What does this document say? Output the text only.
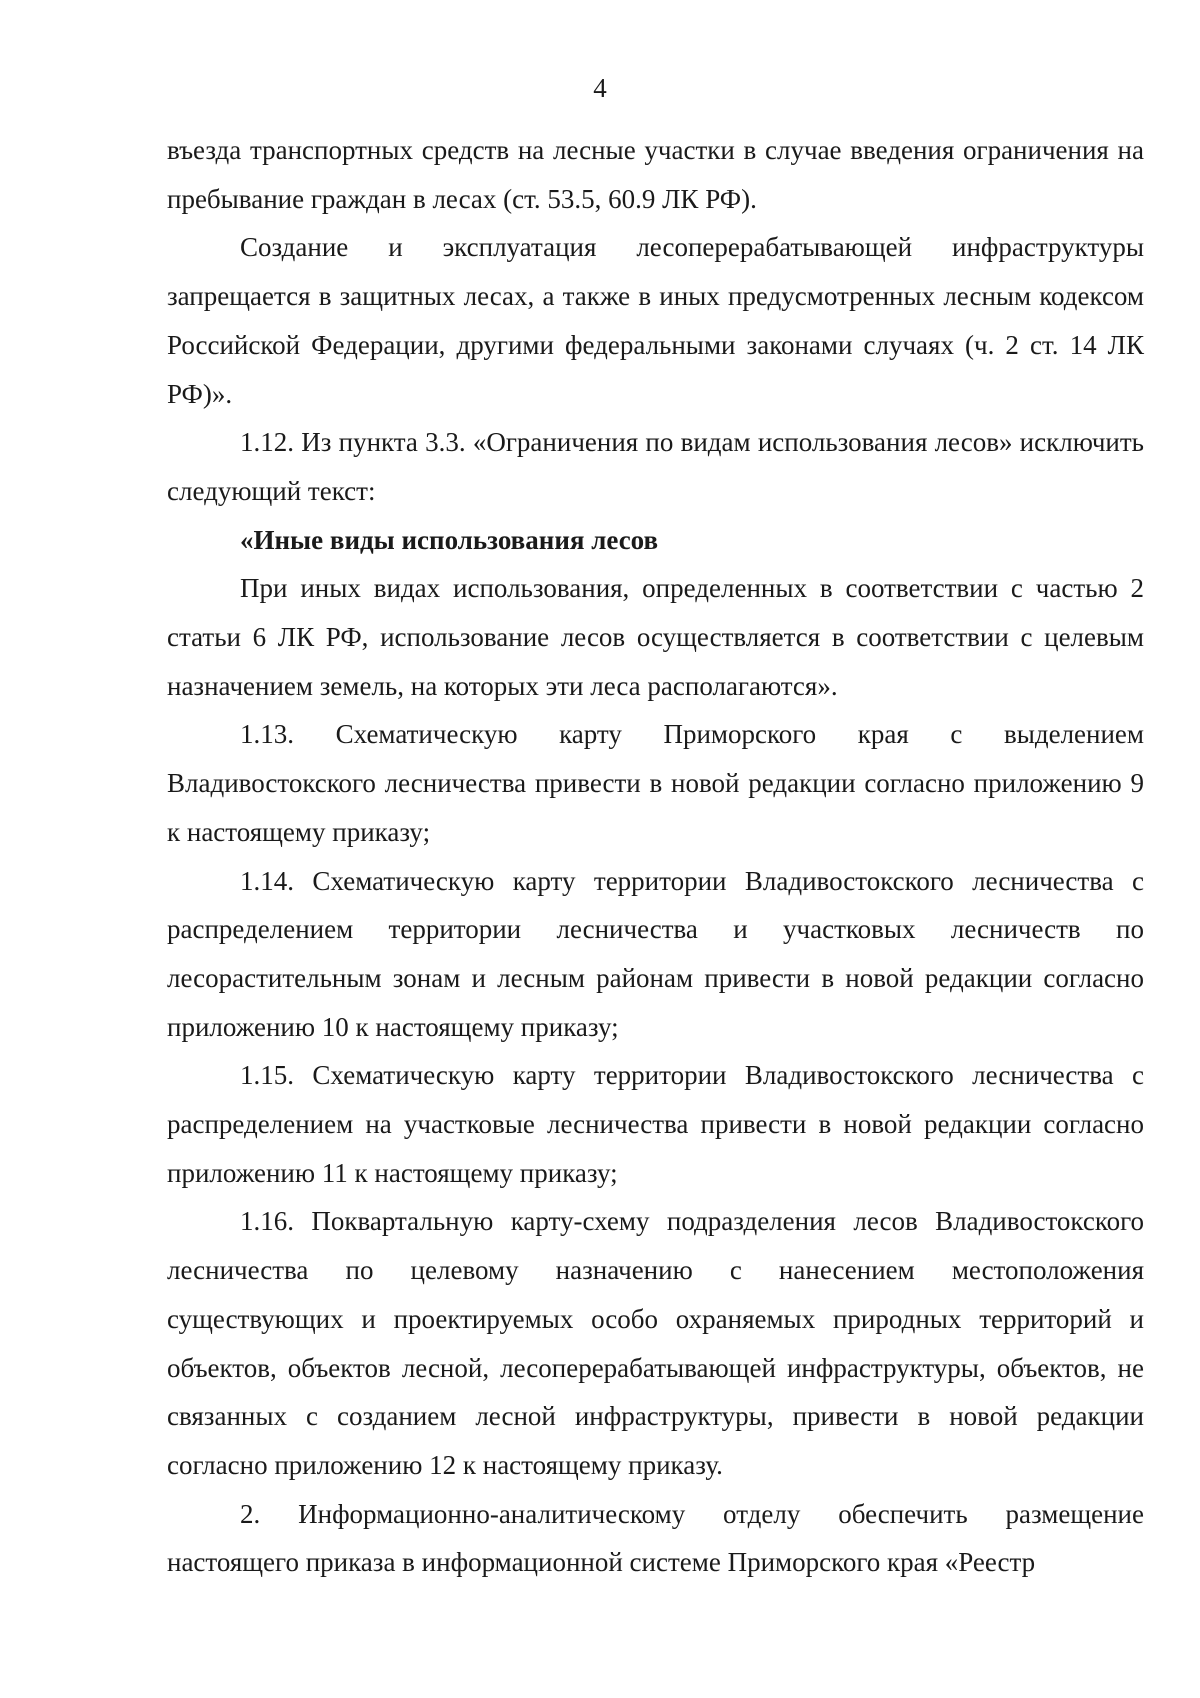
4

въезда транспортных средств на лесные участки в случае введения ограничения на пребывание граждан в лесах (ст. 53.5, 60.9 ЛК РФ).

Создание и эксплуатация лесоперерабатывающей инфраструктуры запрещается в защитных лесах, а также в иных предусмотренных лесным кодексом Российской Федерации, другими федеральными законами случаях (ч. 2 ст. 14 ЛК РФ)».

1.12. Из пункта 3.3. «Ограничения по видам использования лесов» исключить следующий текст:

«Иные виды использования лесов

При иных видах использования, определенных в соответствии с частью 2 статьи 6 ЛК РФ, использование лесов осуществляется в соответствии с целевым назначением земель, на которых эти леса располагаются».

1.13. Схематическую карту Приморского края с выделением Владивостокского лесничества привести в новой редакции согласно приложению 9 к настоящему приказу;

1.14. Схематическую карту территории Владивостокского лесничества с распределением территории лесничества и участковых лесничеств по лесорастительным зонам и лесным районам привести в новой редакции согласно приложению 10 к настоящему приказу;

1.15. Схематическую карту территории Владивостокского лесничества с распределением на участковые лесничества привести в новой редакции согласно приложению 11 к настоящему приказу;

1.16. Поквартальную карту-схему подразделения лесов Владивостокского лесничества по целевому назначению с нанесением местоположения существующих и проектируемых особо охраняемых природных территорий и объектов, объектов лесной, лесоперерабатывающей инфраструктуры, объектов, не связанных с созданием лесной инфраструктуры, привести в новой редакции согласно приложению 12 к настоящему приказу.

2. Информационно-аналитическому отделу обеспечить размещение настоящего приказа в информационной системе Приморского края «Реестр
